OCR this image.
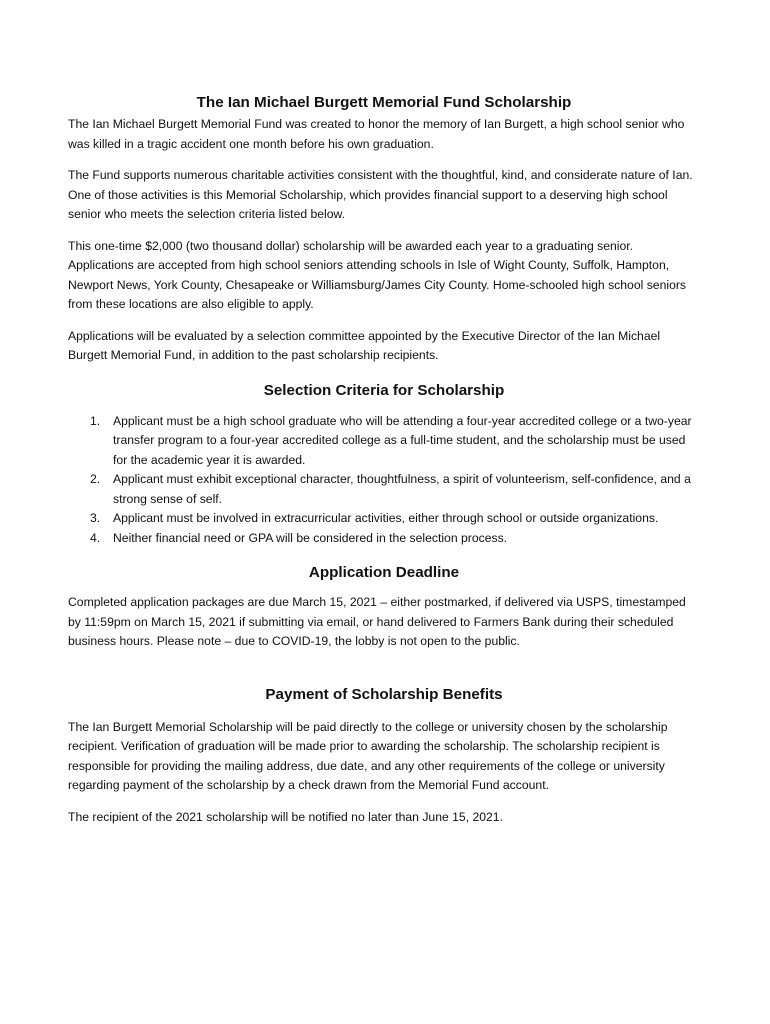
The Ian Michael Burgett Memorial Fund Scholarship

The Ian Michael Burgett Memorial Fund was created to honor the memory of Ian Burgett, a high school senior who was killed in a tragic accident one month before his own graduation.

The Fund supports numerous charitable activities consistent with the thoughtful, kind, and considerate nature of Ian. One of those activities is this Memorial Scholarship, which provides financial support to a deserving high school senior who meets the selection criteria listed below.

This one-time $2,000 (two thousand dollar) scholarship will be awarded each year to a graduating senior. Applications are accepted from high school seniors attending schools in Isle of Wight County, Suffolk, Hampton, Newport News, York County, Chesapeake or Williamsburg/James City County. Home-schooled high school seniors from these locations are also eligible to apply.

Applications will be evaluated by a selection committee appointed by the Executive Director of the Ian Michael Burgett Memorial Fund, in addition to the past scholarship recipients.

Selection Criteria for Scholarship
1. Applicant must be a high school graduate who will be attending a four-year accredited college or a two-year transfer program to a four-year accredited college as a full-time student, and the scholarship must be used for the academic year it is awarded.
2. Applicant must exhibit exceptional character, thoughtfulness, a spirit of volunteerism, self-confidence, and a strong sense of self.
3. Applicant must be involved in extracurricular activities, either through school or outside organizations.
4. Neither financial need or GPA will be considered in the selection process.
Application Deadline

Completed application packages are due March 15, 2021 – either postmarked, if delivered via USPS, timestamped by 11:59pm on March 15, 2021 if submitting via email, or hand delivered to Farmers Bank during their scheduled business hours. Please note – due to COVID-19, the lobby is not open to the public.

Payment of Scholarship Benefits

The Ian Burgett Memorial Scholarship will be paid directly to the college or university chosen by the scholarship recipient. Verification of graduation will be made prior to awarding the scholarship. The scholarship recipient is responsible for providing the mailing address, due date, and any other requirements of the college or university regarding payment of the scholarship by a check drawn from the Memorial Fund account.

The recipient of the 2021 scholarship will be notified no later than June 15, 2021.
